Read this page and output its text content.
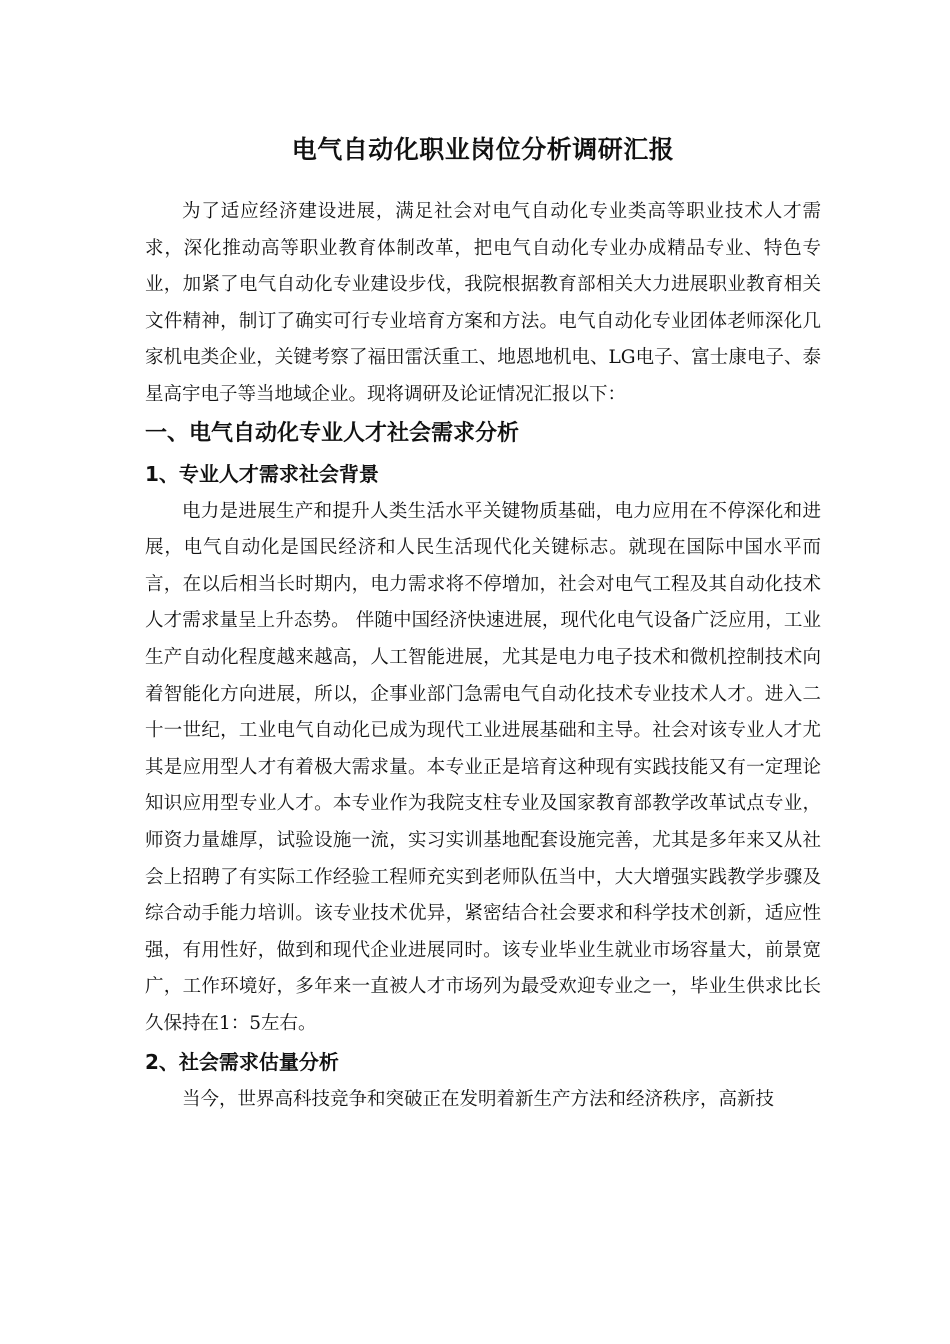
电气自动化职业岗位分析调研汇报

为了适应经济建设进展，满足社会对电气自动化专业类高等职业技术人才需求，深化推动高等职业教育体制改革，把电气自动化专业办成精品专业、特色专业，加紧了电气自动化专业建设步伐，我院根据教育部相关大力进展职业教育相关文件精神，制订了确实可行专业培育方案和方法。电气自动化专业团体老师深化几家机电类企业，关键考察了福田雷沃重工、地恩地机电、LG电子、富士康电子、泰星高宇电子等当地域企业。现将调研及论证情况汇报以下：

一、电气自动化专业人才社会需求分析
1、专业人才需求社会背景

电力是进展生产和提升人类生活水平关键物质基础，电力应用在不停深化和进展，电气自动化是国民经济和人民生活现代化关键标志。就现在国际中国水平而言，在以后相当长时期内，电力需求将不停增加，社会对电气工程及其自动化技术人才需求量呈上升态势。 伴随中国经济快速进展，现代化电气设备广泛应用，工业生产自动化程度越来越高，人工智能进展，尤其是电力电子技术和微机控制技术向着智能化方向进展，所以，企事业部门急需电气自动化技术专业技术人才。进入二十一世纪，工业电气自动化已成为现代工业进展基础和主导。社会对该专业人才尤其是应用型人才有着极大需求量。本专业正是培育这种现有实践技能又有一定理论知识应用型专业人才。本专业作为我院支柱专业及国家教育部教学改革试点专业，师资力量雄厚，试验设施一流，实习实训基地配套设施完善，尤其是多年来又从社会上招聘了有实际工作经验工程师充实到老师队伍当中，大大增强实践教学步骤及综合动手能力培训。该专业技术优异，紧密结合社会要求和科学技术创新，适应性强，有用性好，做到和现代企业进展同时。该专业毕业生就业市场容量大，前景宽广，工作环境好，多年来一直被人才市场列为最受欢迎专业之一，毕业生供求比长久保持在1：5左右。

2、社会需求估量分析

当今，世界高科技竞争和突破正在发明着新生产方法和经济秩序，高新技
